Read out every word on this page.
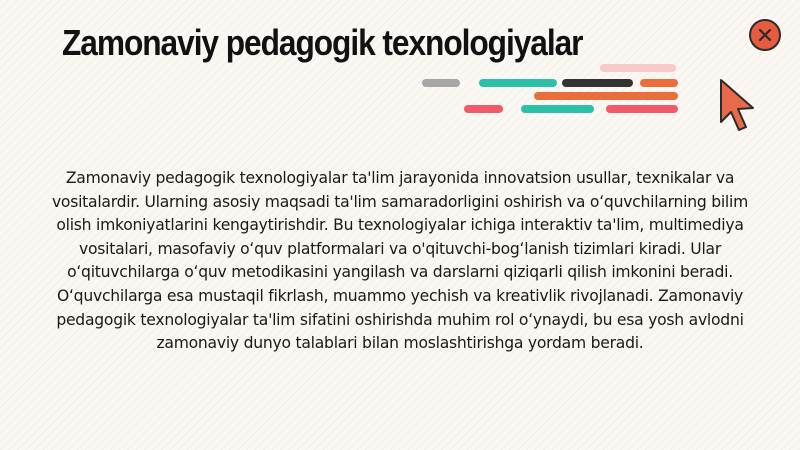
Zamonaviy pedagogik texnologiyalar

Zamonaviy pedagogik texnologiyalar ta'lim jarayonida innovatsion usullar, texnikalar va vositalardir. Ularning asosiy maqsadi ta'lim samaradorligini oshirish va oʻquvchilarning bilim olish imkoniyatlarini kengaytirishdir. Bu texnologiyalar ichiga interaktiv ta'lim, multimediya vositalari, masofaviy oʻquv platformalari va o'qituvchi-bogʻlanish tizimlari kiradi. Ular oʻqituvchilarga oʻquv metodikasini yangilash va darslarni qiziqarli qilish imkonini beradi. Oʻquvchilarga esa mustaqil fikrlash, muammo yechish va kreativlik rivojlanadi. Zamonaviy pedagogik texnologiyalar ta'lim sifatini oshirishda muhim rol oʻynaydi, bu esa yosh avlodni zamonaviy dunyo talablari bilan moslashtirishga yordam beradi.
